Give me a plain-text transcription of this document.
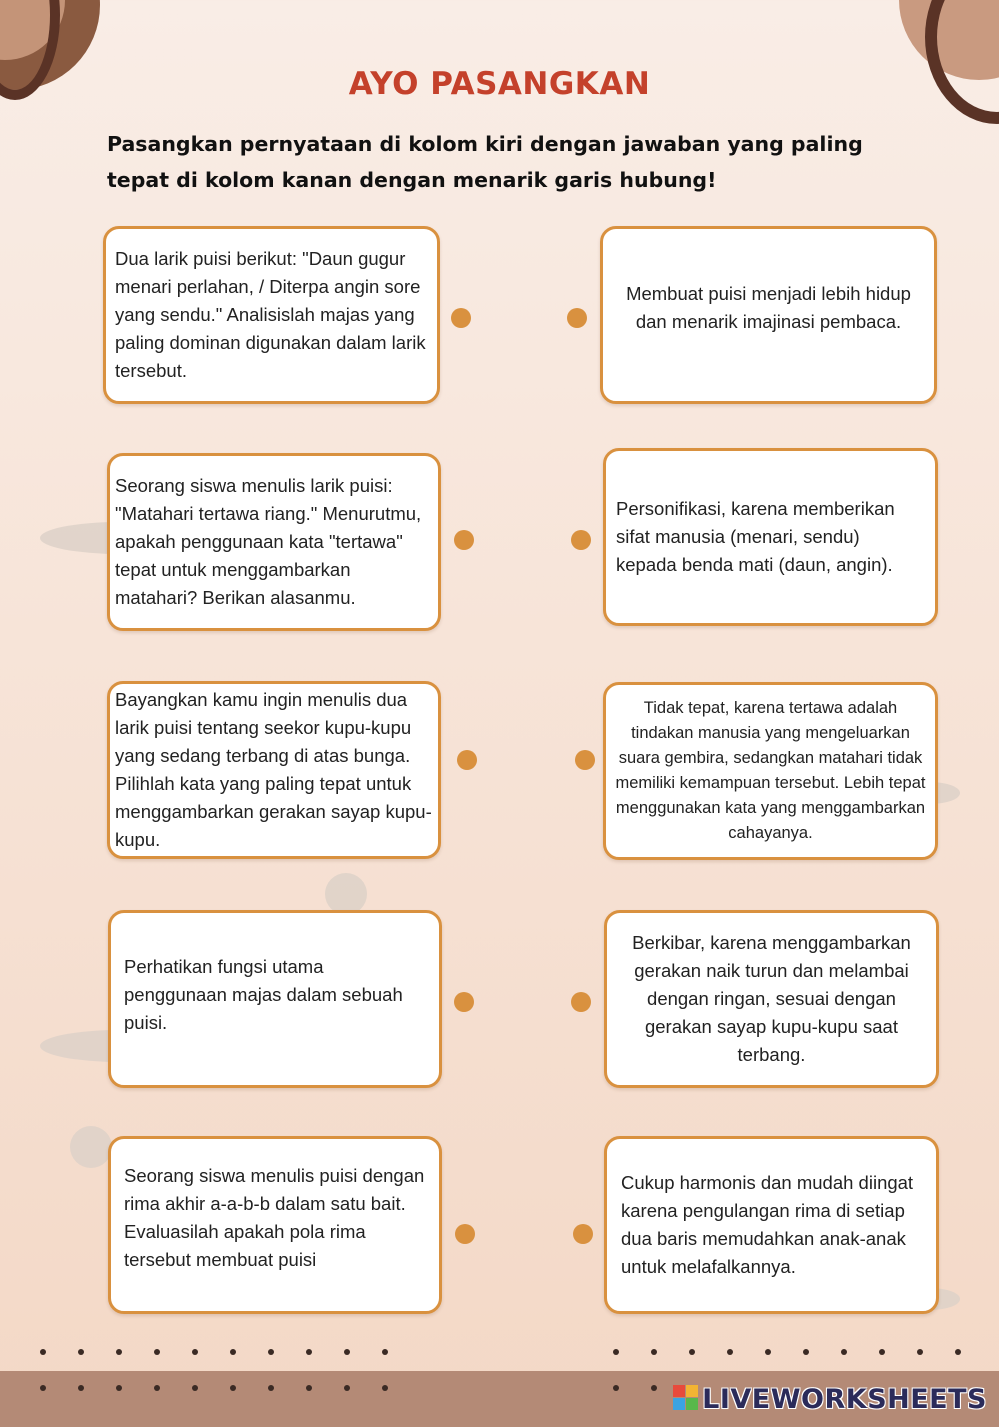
AYO PASANGKAN
Pasangkan pernyataan di kolom kiri dengan jawaban yang paling tepat di kolom kanan dengan menarik garis hubung!
Dua larik puisi berikut: "Daun gugur menari perlahan, / Diterpa angin sore yang sendu." Analisislah majas yang paling dominan digunakan dalam larik tersebut.
Seorang siswa menulis larik puisi: "Matahari tertawa riang." Menurutmu, apakah penggunaan kata "tertawa" tepat untuk menggambarkan matahari? Berikan alasanmu.
Bayangkan kamu ingin menulis dua larik puisi tentang seekor kupu-kupu yang sedang terbang di atas bunga. Pilihlah kata yang paling tepat untuk menggambarkan gerakan sayap kupu-kupu.
Perhatikan fungsi utama penggunaan majas dalam sebuah puisi.
Seorang siswa menulis puisi dengan rima akhir a-a-b-b dalam satu bait. Evaluasilah apakah pola rima tersebut membuat puisi
Membuat puisi menjadi lebih hidup dan menarik imajinasi pembaca.
Personifikasi, karena memberikan sifat manusia (menari, sendu) kepada benda mati (daun, angin).
Tidak tepat, karena tertawa adalah tindakan manusia yang mengeluarkan suara gembira, sedangkan matahari tidak memiliki kemampuan tersebut. Lebih tepat menggunakan kata yang menggambarkan cahayanya.
Berkibar, karena menggambarkan gerakan naik turun dan melambai dengan ringan, sesuai dengan gerakan sayap kupu-kupu saat terbang.
Cukup harmonis dan mudah diingat karena pengulangan rima di setiap dua baris memudahkan anak-anak untuk melafalkannya.
LIVEWORKSHEETS
